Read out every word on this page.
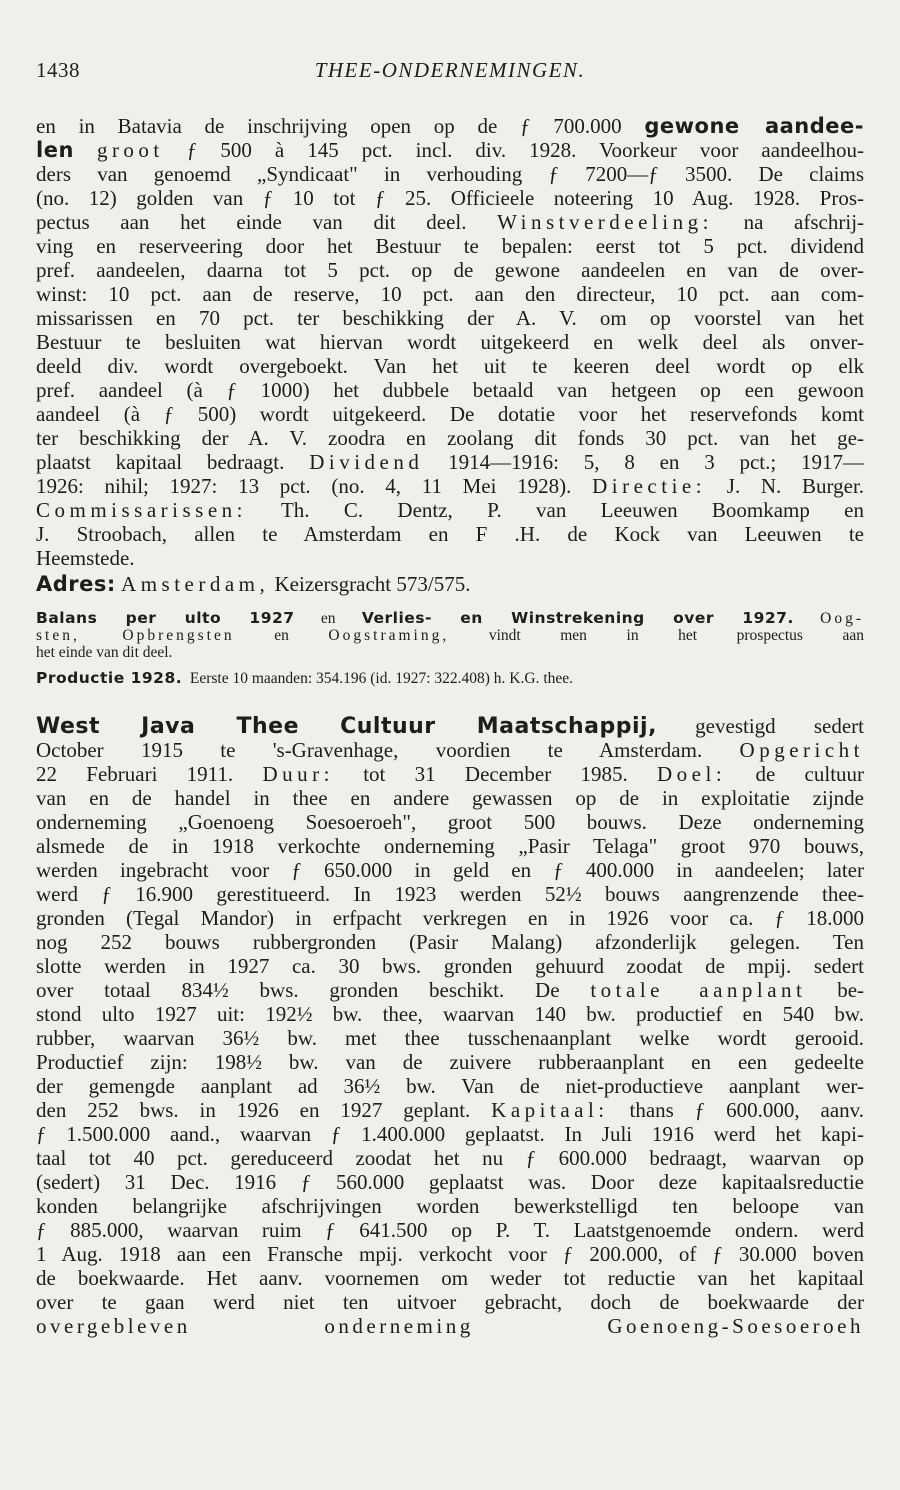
1438	THEE-ONDERNEMINGEN.
en in Batavia de inschrijving open op de ƒ 700.000 gewone aandee-
len groot ƒ 500 à 145 pct. incl. div. 1928. Voorkeur voor aandeelhou-
ders van genoemd „Syndicaat" in verhouding ƒ 7200—ƒ 3500. De claims
(no. 12) golden van ƒ 10 tot ƒ 25. Officieele noteering 10 Aug. 1928. Pros-
pectus aan het einde van dit deel. Winstverdeeling: na afschrij-
ving en reserveering door het Bestuur te bepalen: eerst tot 5 pct. dividend
pref. aandeelen, daarna tot 5 pct. op de gewone aandeelen en van de over-
winst: 10 pct. aan de reserve, 10 pct. aan den directeur, 10 pct. aan com-
missarissen en 70 pct. ter beschikking der A. V. om op voorstel van het
Bestuur te besluiten wat hiervan wordt uitgekeerd en welk deel als onver-
deeld div. wordt overgeboekt. Van het uit te keeren deel wordt op elk
pref. aandeel (à ƒ 1000) het dubbele betaald van hetgeen op een gewoon
aandeel (à ƒ 500) wordt uitgekeerd. De dotatie voor het reservefonds komt
ter beschikking der A. V. zoodra en zoolang dit fonds 30 pct. van het ge-
plaatst kapitaal bedraagt. Dividend 1914—1916: 5, 8 en 3 pct.; 1917—
1926: nihil; 1927: 13 pct. (no. 4, 11 Mei 1928). Directie: J. N. Burger.
Commissarissen: Th. C. Dentz, P. van Leeuwen Boomkamp en
J. Stroobach, allen te Amsterdam en F .H. de Kock van Leeuwen te
Heemstede.
Adres: Amsterdam, Keizersgracht 573/575.
Balans per ulto 1927 en Verlies- en Winstrekening over 1927. Oog-
sten, Opbrengsten	en	Oogstraming,	vindt men in het prospectus aan
het einde van dit deel.
Productie 1928. Eerste 10 maanden: 354.196 (id. 1927: 322.408) h. K.G. thee.
West Java Thee Cultuur Maatschappij, gevestigd sedert
October 1915 te 's-Gravenhage, voordien te Amsterdam. Opgericht
22 Februari 1911. Duur: tot 31 December 1985. Doel: de cultuur
van en de handel in thee en andere gewassen op de in exploitatie zijnde
onderneming „Goenoeng Soesoeroeh", groot 500 bouws. Deze onderneming
alsmede de in 1918 verkochte onderneming „Pasir Telaga" groot 970 bouws,
werden ingebracht voor ƒ 650.000 in geld en ƒ 400.000 in aandeelen; later
werd ƒ 16.900 gerestitueerd. In 1923 werden 52½ bouws aangrenzende thee-
gronden (Tegal Mandor) in erfpacht verkregen en in 1926 voor ca. ƒ 18.000
nog 252 bouws rubbergronden (Pasir Malang) afzonderlijk gelegen. Ten
slotte werden in 1927 ca. 30 bws. gronden gehuurd zoodat de mpij. sedert
over totaal 834½ bws. gronden beschikt. De totale aanplant be-
stond ulto 1927 uit: 192½ bw. thee, waarvan 140 bw. productief en 540 bw.
rubber, waarvan 36½ bw. met thee tusschenaanplant welke wordt gerooid.
Productief zijn: 198½ bw. van de zuivere rubberaanplant en een gedeelte
der gemengde aanplant ad 36½ bw. Van de niet-productieve aanplant wer-
den 252 bws. in 1926 en 1927 geplant. Kapitaal: thans ƒ 600.000, aanv.
ƒ 1.500.000 aand., waarvan ƒ 1.400.000 geplaatst. In Juli 1916 werd het kapi-
taal tot 40 pct. gereduceerd zoodat het nu ƒ 600.000 bedraagt, waarvan op
(sedert) 31 Dec. 1916 ƒ 560.000 geplaatst was. Door deze kapitaalsreductie
konden belangrijke afschrijvingen worden bewerkstelligd ten beloope van
ƒ 885.000, waarvan ruim ƒ 641.500 op P. T. Laatstgenoemde ondern. werd
1 Aug. 1918 aan een Fransche mpij. verkocht voor ƒ 200.000, of ƒ 30.000 boven
de boekwaarde. Het aanv. voornemen om weder tot reductie van het kapitaal
over te gaan werd niet ten uitvoer gebracht, doch de boekwaarde der
overgebleven onderneming Goenoeng-Soesoeroeh
